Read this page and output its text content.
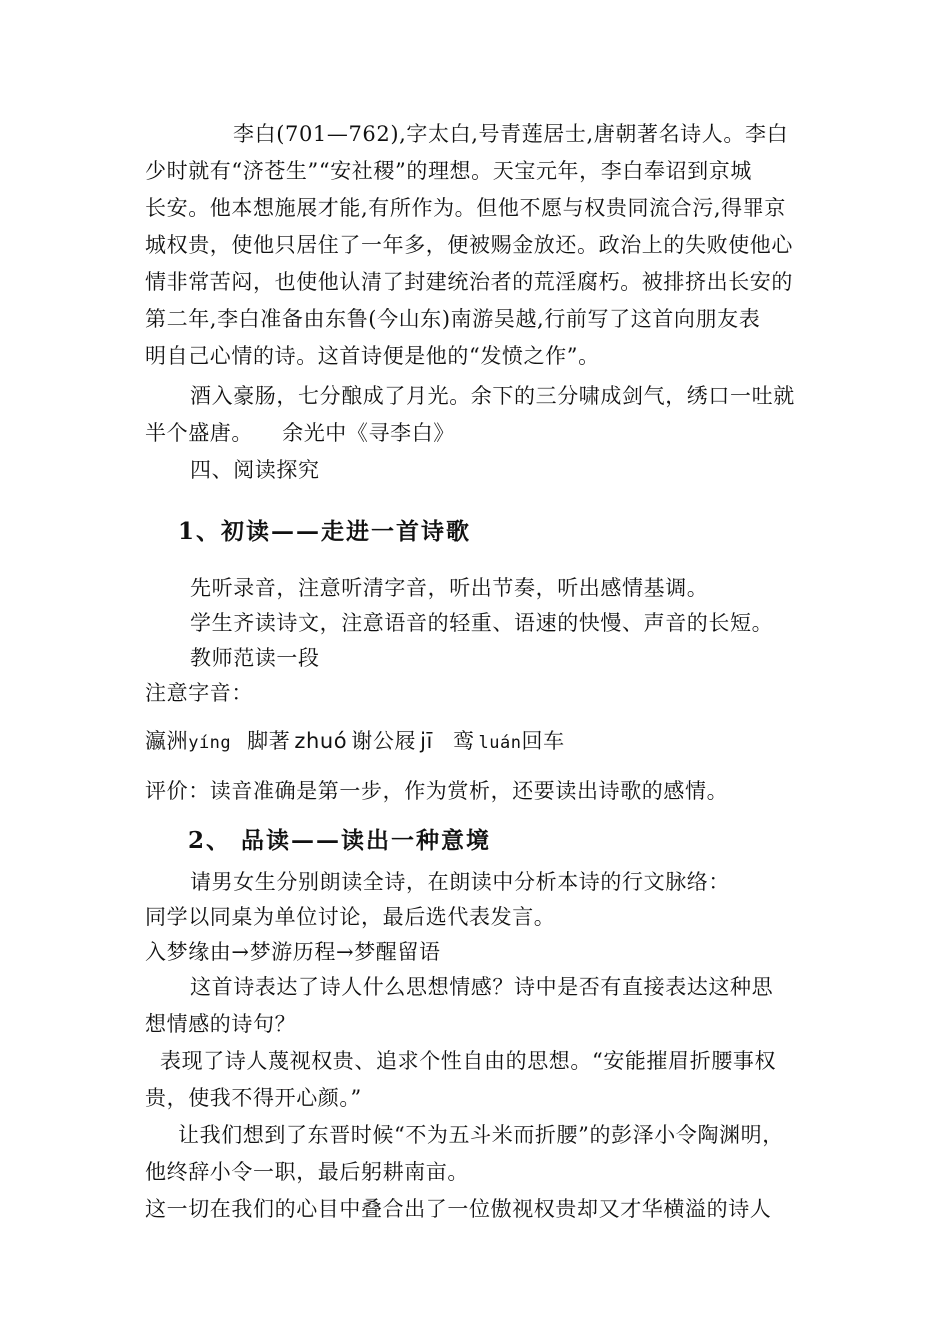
李白(701—762),字太白,号青莲居士,唐朝著名诗人。李白
少时就有“济苍生”“安社稷”的理想。天宝元年，李白奉诏到京城
长安。他本想施展才能,有所作为。但他不愿与权贵同流合污,得罪京
城权贵，使他只居住了一年多，便被赐金放还。政治上的失败使他心
情非常苦闷，也使他认清了封建统治者的荒淫腐朽。被排挤出长安的
第二年,李白准备由东鲁(今山东)南游吴越,行前写了这首向朋友表
明自己心情的诗。这首诗便是他的“发愤之作”。
酒入豪肠，七分酿成了月光。余下的三分啸成剑气，绣口一吐就
半个盛唐。    余光中《寻李白》
四、阅读探究
1、初读——走进一首诗歌
先听录音，注意听清字音，听出节奏，听出感情基调。
学生齐读诗文，注意语音的轻重、语速的快慢、声音的长短。
教师范读一段
注意字音：
瀛洲yíng 脚著 zhuó 谢公屐 jī 鸾 luán回车
评价：读音准确是第一步，作为赏析，还要读出诗歌的感情。
2、 品读——读出一种意境
请男女生分别朗读全诗，在朗读中分析本诗的行文脉络：
同学以同桌为单位讨论，最后选代表发言。
入梦缘由→梦游历程→梦醒留语
这首诗表达了诗人什么思想情感？诗中是否有直接表达这种思
想情感的诗句？
表现了诗人蔑视权贵、追求个性自由的思想。“安能摧眉折腰事权
贵，使我不得开心颜。”
让我们想到了东晋时候“不为五斗米而折腰”的彭泽小令陶渊明，
他终辞小令一职，最后躬耕南亩。
这一切在我们的心目中叠合出了一位傲视权贵却又才华横溢的诗人
